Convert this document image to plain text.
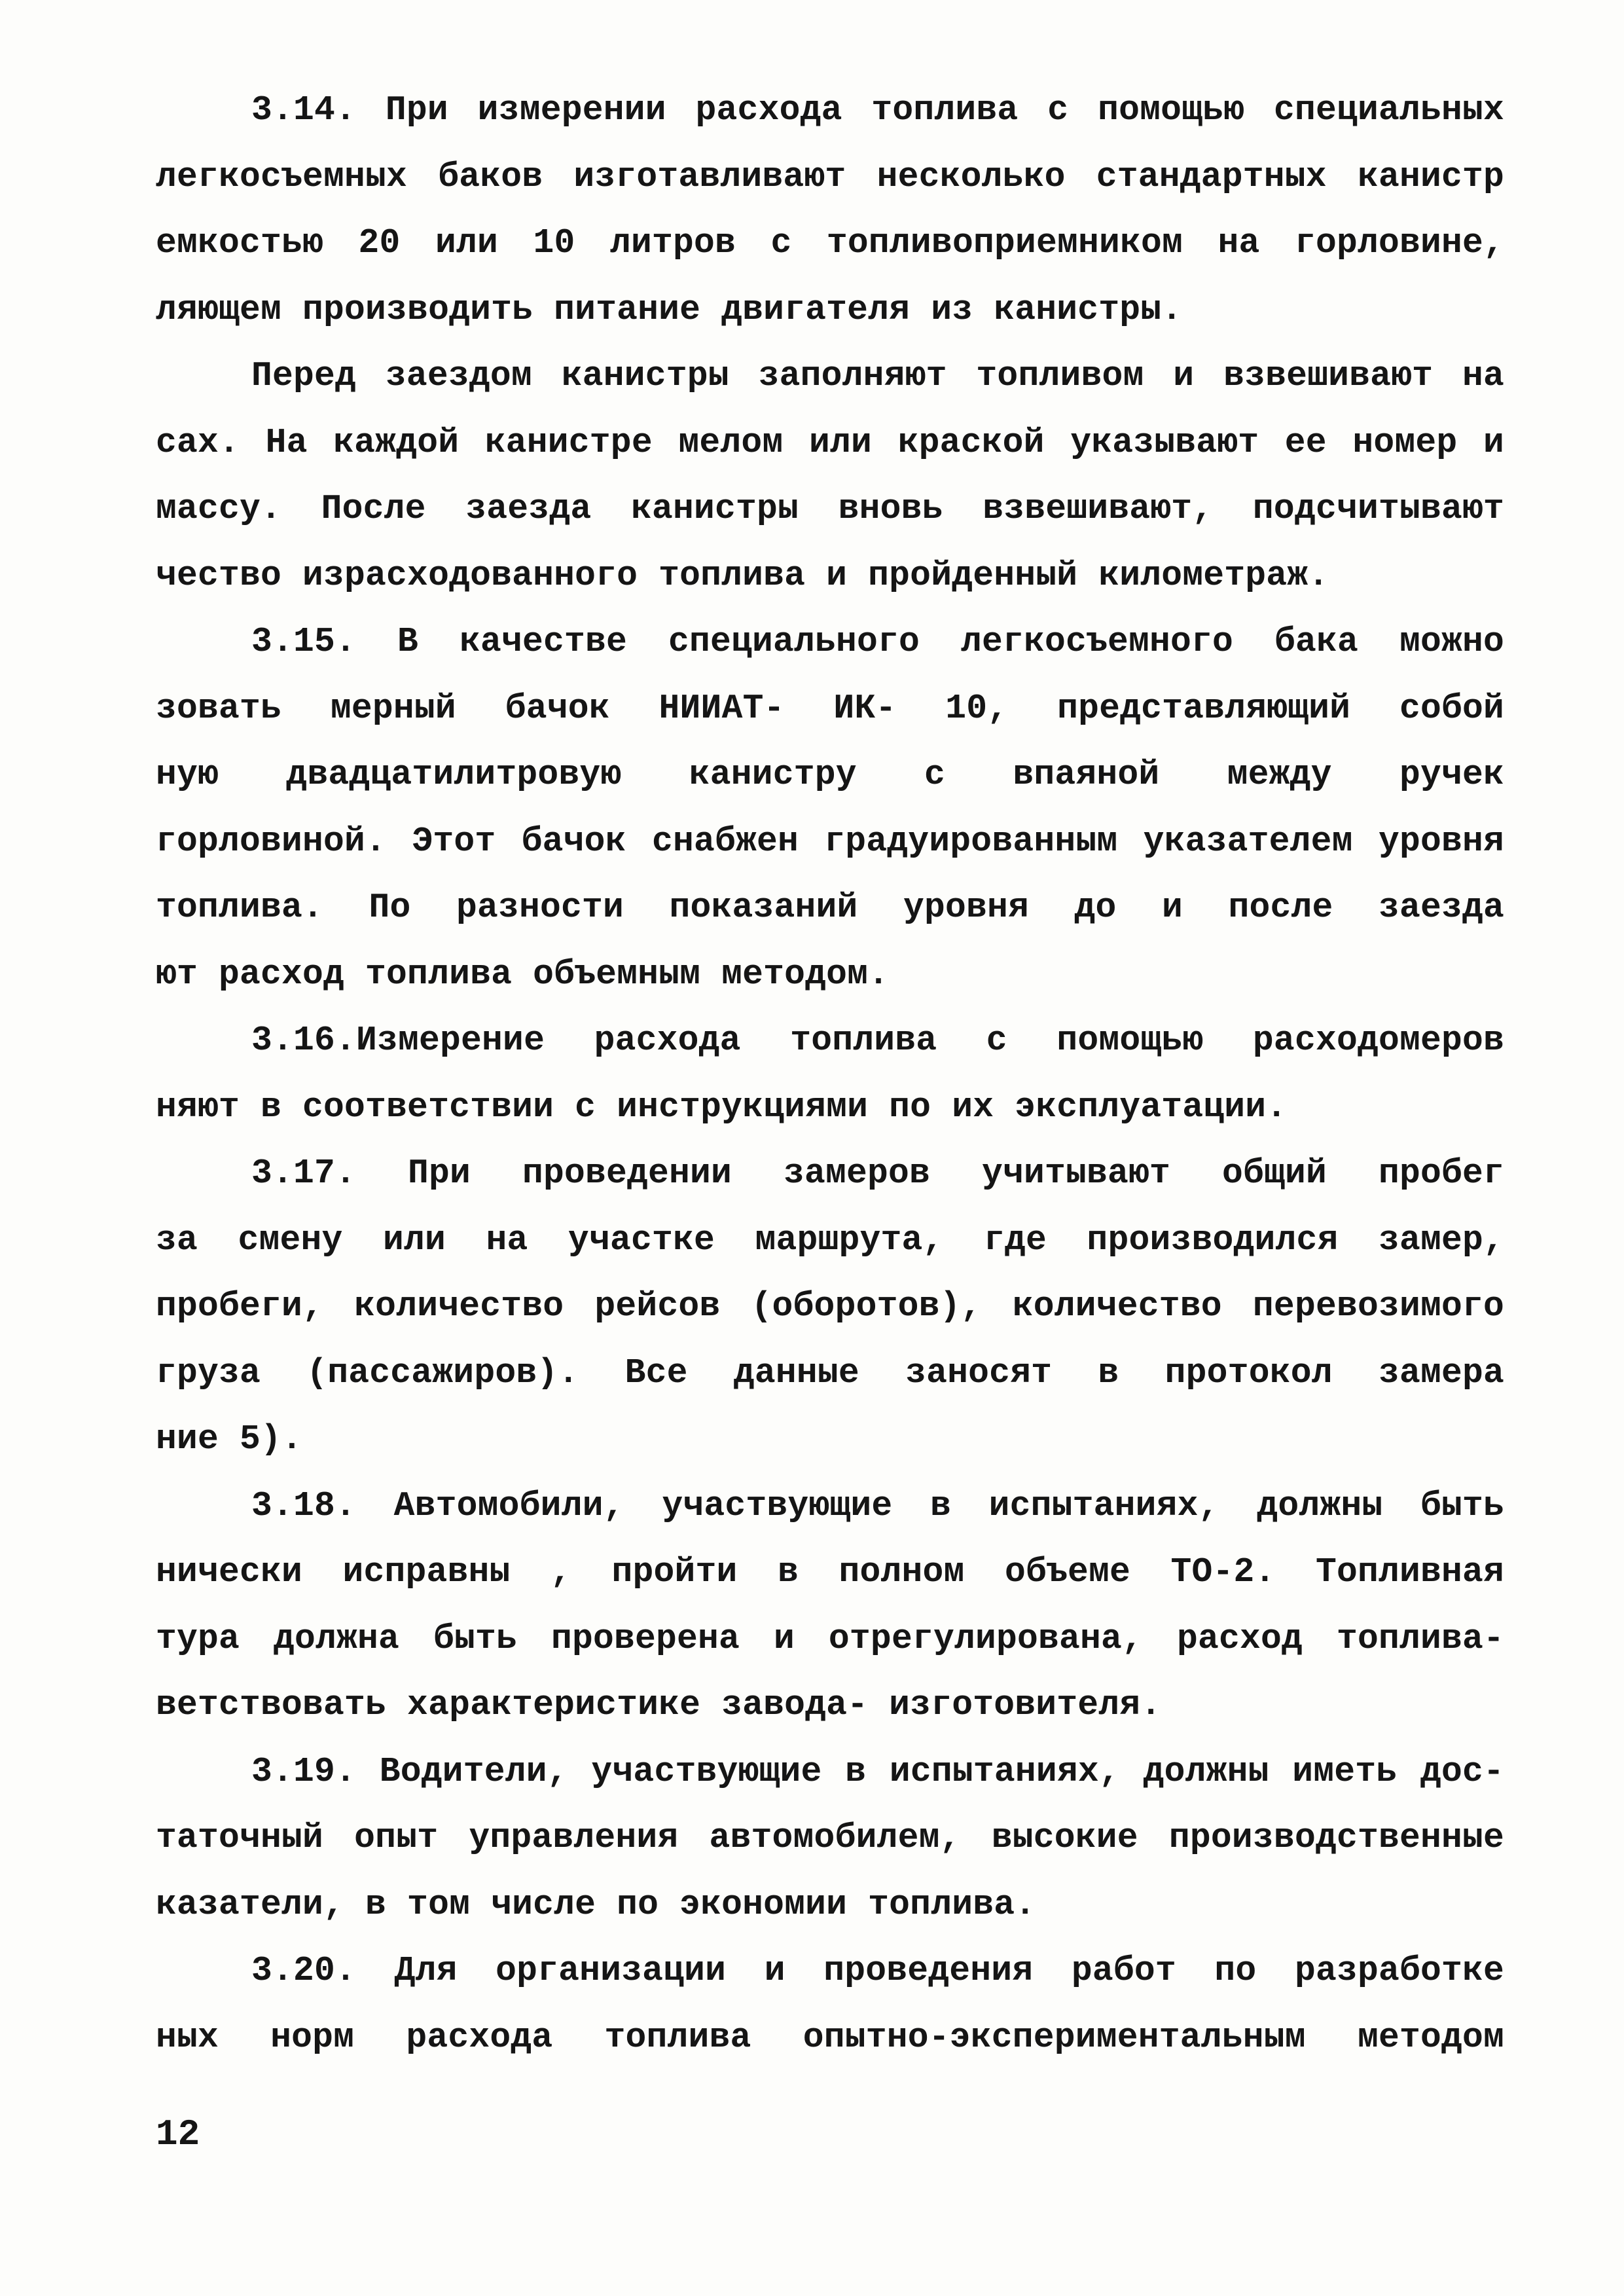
3.14. При измерении расхода топлива с помощью специальных
легкосъемных баков изготавливают несколько стандартных канистр
емкостью 20 или 10 литров с топливоприемником на горловине,
ляющем производить питание двигателя из канистры.
Перед заездом канистры заполняют топливом и взвешивают на
сах. На каждой канистре мелом или краской указывают ее номер и
массу. После заезда канистры вновь взвешивают, подсчитывают
чество израсходованного топлива и пройденный километраж.
3.15. В качестве специального легкосъемного бака можно
зовать мерный бачок НИИАТ- ИК- 10, представляющий собой
ную двадцатилитровую канистру с впаяной между ручек
горловиной. Этот бачок снабжен градуированным указателем уровня
топлива. По разности показаний уровня до и после заезда
ют расход топлива объемным методом.
3.16.Измерение расхода топлива с помощью расходомеров
няют в соответствии с инструкциями по их эксплуатации.
3.17. При проведении замеров учитывают общий пробег
за смену или на участке маршрута, где производился замер,
пробеги, количество рейсов (оборотов), количество перевозимого
груза (пассажиров). Все данные заносят в протокол замера
ние 5).
3.18. Автомобили, участвующие в испытаниях, должны быть
нически исправны , пройти в полном объеме ТО-2. Топливная
тура должна быть проверена и отрегулирована, расход топлива-
ветствовать характеристике завода- изготовителя.
3.19. Водители, участвующие в испытаниях, должны иметь дос-
таточный опыт управления автомобилем, высокие производственные
казатели, в том числе по экономии топлива.
3.20. Для организации и проведения работ по разработке
ных норм расхода топлива опытно-экспериментальным методом
12
